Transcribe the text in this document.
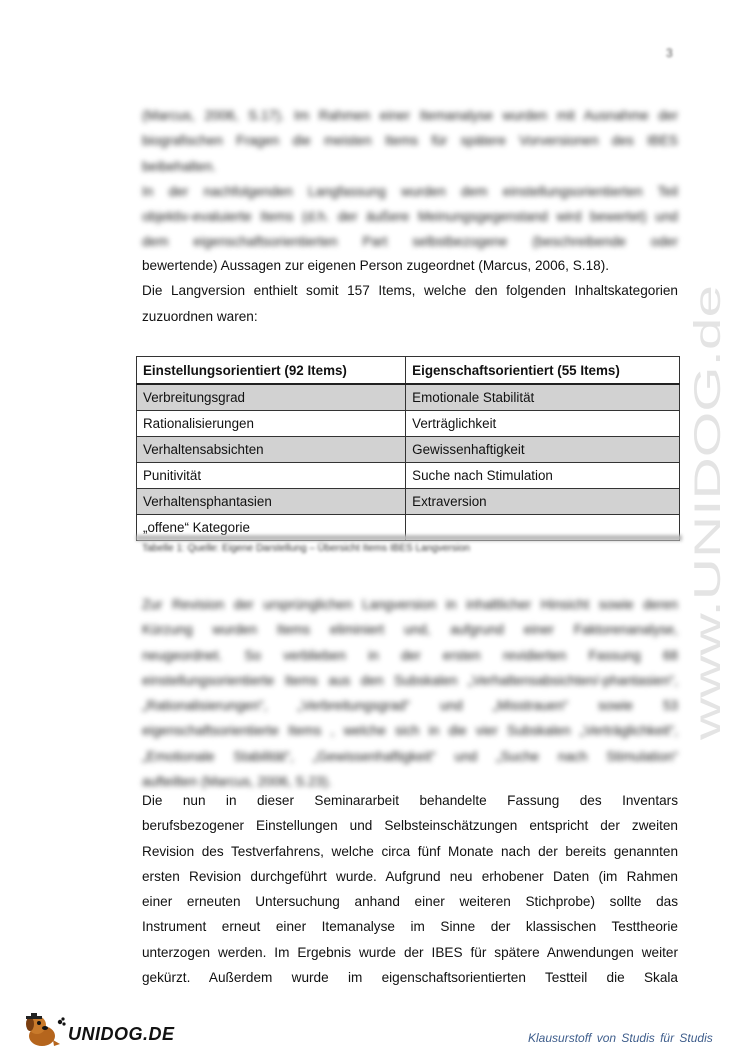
3
www.UNIDOG.de
(Marcus, 2006, S.17). Im Rahmen einer Itemanalyse wurden mit Ausnahme der
biografischen Fragen die meisten Items für spätere Vorversionen des IBES
beibehalten.
In der nachfolgenden Langfassung wurden dem einstellungsorientierten Teil
objektiv-evaluierte Items (d.h. der äußere Meinungsgegenstand wird bewertet) und
dem eigenschaftsorientierten Part selbstbezogene (beschreibende oder
bewertende) Aussagen zur eigenen Person zugeordnet (Marcus, 2006, S.18).
Die Langversion enthielt somit 157 Items, welche den folgenden Inhaltskategorien
zuzuordnen waren:
Einstellungsorientiert (92 Items)	Eigenschaftsorientiert (55 Items)
Verbreitungsgrad	Emotionale Stabilität
Rationalisierungen	Verträglichkeit
Verhaltensabsichten	Gewissenhaftigkeit
Punitivität	Suche nach Stimulation
Verhaltensphantasien	Extraversion
„offene“ Kategorie	
Tabelle 1: Quelle: Eigene Darstellung – Übersicht Items IBES Langversion
Zur Revision der ursprünglichen Langversion in inhaltlicher Hinsicht sowie deren
Kürzung wurden Items eliminiert und, aufgrund einer Faktorenanalyse,
neugeordnet. So verblieben in der ersten revidierten Fassung 68
einstellungsorientierte Items aus den Subskalen „Verhaltensabsichten/-phantasien“,
„Rationalisierungen“, „Verbreitungsgrad“ und „Misstrauen“ sowie 53
eigenschaftsorientierte Items , welche sich in die vier Subskalen „Verträglichkeit“,
„Emotionale Stabilität“, „Gewissenhaftigkeit“ und „Suche nach Stimulation“
aufteilten (Marcus, 2006, S.23).
Die nun in dieser Seminararbeit behandelte Fassung des Inventars
berufsbezogener Einstellungen und Selbsteinschätzungen entspricht der zweiten
Revision des Testverfahrens, welche circa fünf Monate nach der bereits genannten
ersten Revision durchgeführt wurde. Aufgrund neu erhobener Daten (im Rahmen
einer erneuten Untersuchung anhand einer weiteren Stichprobe) sollte das
Instrument erneut einer Itemanalyse im Sinne der klassischen Testtheorie
unterzogen werden. Im Ergebnis wurde der IBES für spätere Anwendungen weiter
gekürzt. Außerdem wurde im eigenschaftsorientierten Testteil die Skala
UNIDOG.DE	Klausurstoff von Studis für Studis
